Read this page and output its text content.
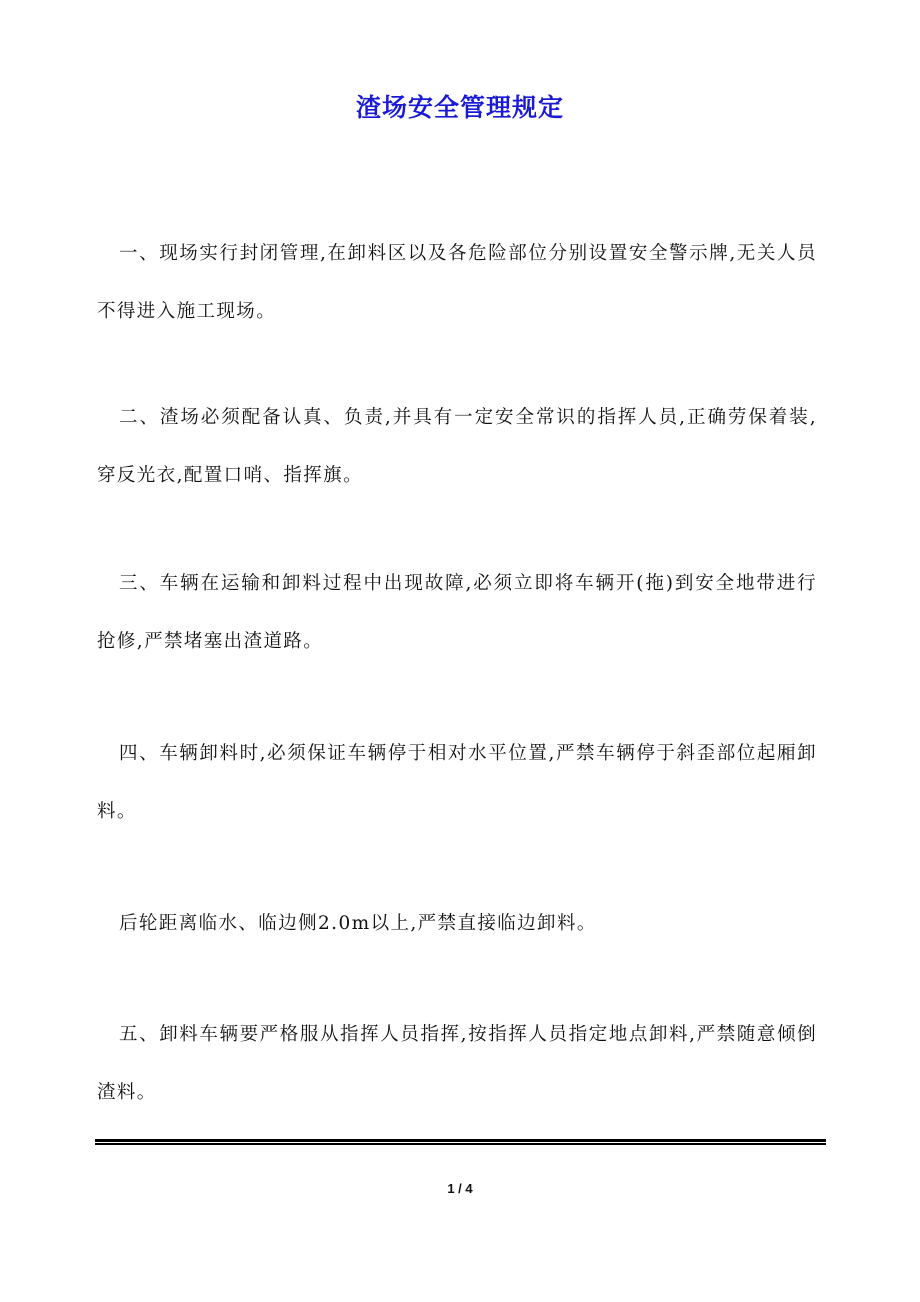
渣场安全管理规定

一、现场实行封闭管理,在卸料区以及各危险部位分别设置安全警示牌,无关人员不得进入施工现场。

二、渣场必须配备认真、负责,并具有一定安全常识的指挥人员,正确劳保着装,穿反光衣,配置口哨、指挥旗。

三、车辆在运输和卸料过程中出现故障,必须立即将车辆开(拖)到安全地带进行抢修,严禁堵塞出渣道路。

四、车辆卸料时,必须保证车辆停于相对水平位置,严禁车辆停于斜歪部位起厢卸料。

后轮距离临水、临边侧2.0m以上,严禁直接临边卸料。

五、卸料车辆要严格服从指挥人员指挥,按指挥人员指定地点卸料,严禁随意倾倒渣料。

1 / 4
